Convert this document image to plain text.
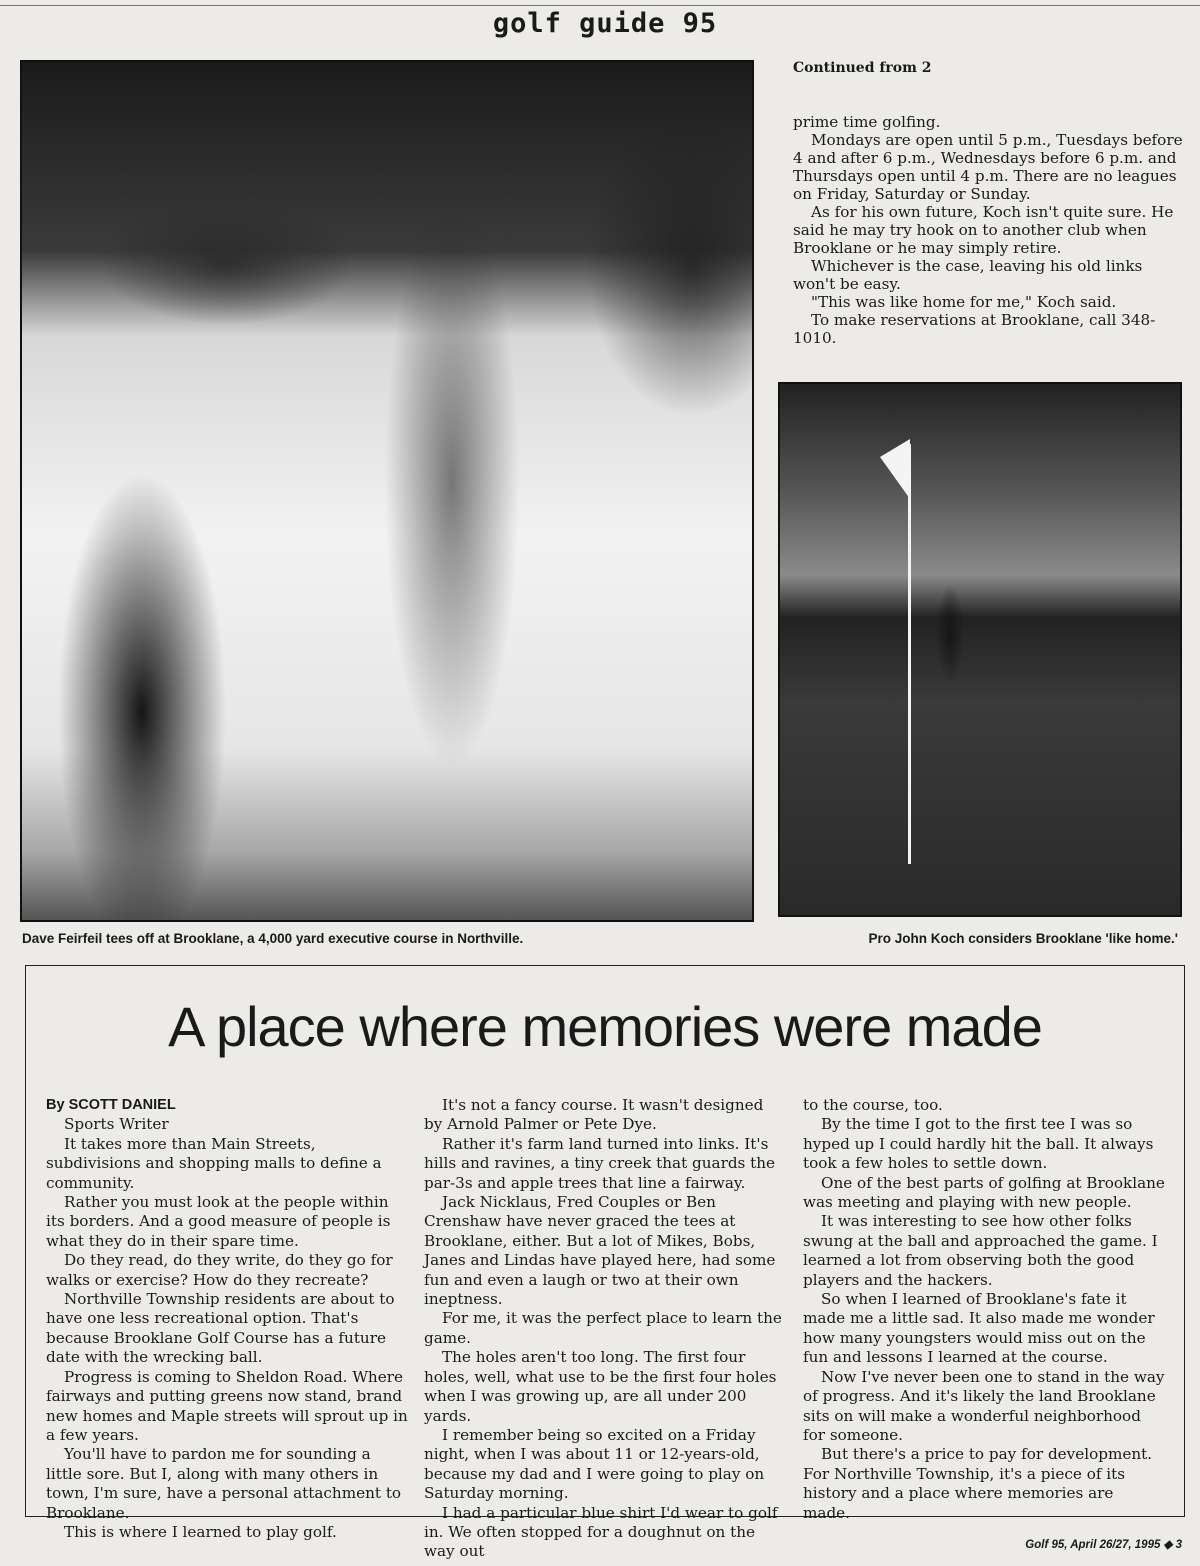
golf guide 95
Dave Feirfeil tees off at Brooklane, a 4,000 yard executive course in Northville.	Pro John Koch considers Brooklane 'like home.'
Continued from 2

prime time golfing.

Mondays are open until 5 p.m., Tuesdays before 4 and after 6 p.m., Wednesdays before 6 p.m. and Thursdays open until 4 p.m. There are no leagues on Friday, Saturday or Sunday.

As for his own future, Koch isn't quite sure. He said he may try hook on to another club when Brooklane or he may simply retire.

Whichever is the case, leaving his old links won't be easy.

"This was like home for me," Koch said.

To make reservations at Brooklane, call 348-1010.

A place where memories were made
By SCOTT DANIEL

Sports Writer

It takes more than Main Streets, subdivisions and shopping malls to define a community.

Rather you must look at the people within its borders. And a good measure of people is what they do in their spare time.

Do they read, do they write, do they go for walks or exercise? How do they recreate?

Northville Township residents are about to have one less recreational option. That's because Brooklane Golf Course has a future date with the wrecking ball.

Progress is coming to Sheldon Road. Where fairways and putting greens now stand, brand new homes and Maple streets will sprout up in a few years.

You'll have to pardon me for sounding a little sore. But I, along with many others in town, I'm sure, have a personal attachment to Brooklane.

This is where I learned to play golf.

It's not a fancy course. It wasn't designed by Arnold Palmer or Pete Dye.

Rather it's farm land turned into links. It's hills and ravines, a tiny creek that guards the par-3s and apple trees that line a fairway.

Jack Nicklaus, Fred Couples or Ben Crenshaw have never graced the tees at Brooklane, either. But a lot of Mikes, Bobs, Janes and Lindas have played here, had some fun and even a laugh or two at their own ineptness.

For me, it was the perfect place to learn the game.

The holes aren't too long. The first four holes, well, what use to be the first four holes when I was growing up, are all under 200 yards.

I remember being so excited on a Friday night, when I was about 11 or 12-years-old, because my dad and I were going to play on Saturday morning.

I had a particular blue shirt I'd wear to golf in. We often stopped for a doughnut on the way out

to the course, too.

By the time I got to the first tee I was so hyped up I could hardly hit the ball. It always took a few holes to settle down.

One of the best parts of golfing at Brooklane was meeting and playing with new people.

It was interesting to see how other folks swung at the ball and approached the game. I learned a lot from observing both the good players and the hackers.

So when I learned of Brooklane's fate it made me a little sad. It also made me wonder how many youngsters would miss out on the fun and lessons I learned at the course.

Now I've never been one to stand in the way of progress. And it's likely the land Brooklane sits on will make a wonderful neighborhood for someone.

But there's a price to pay for development. For Northville Township, it's a piece of its history and a place where memories are made.

Golf 95, April 26/27, 1995 ◆ 3
